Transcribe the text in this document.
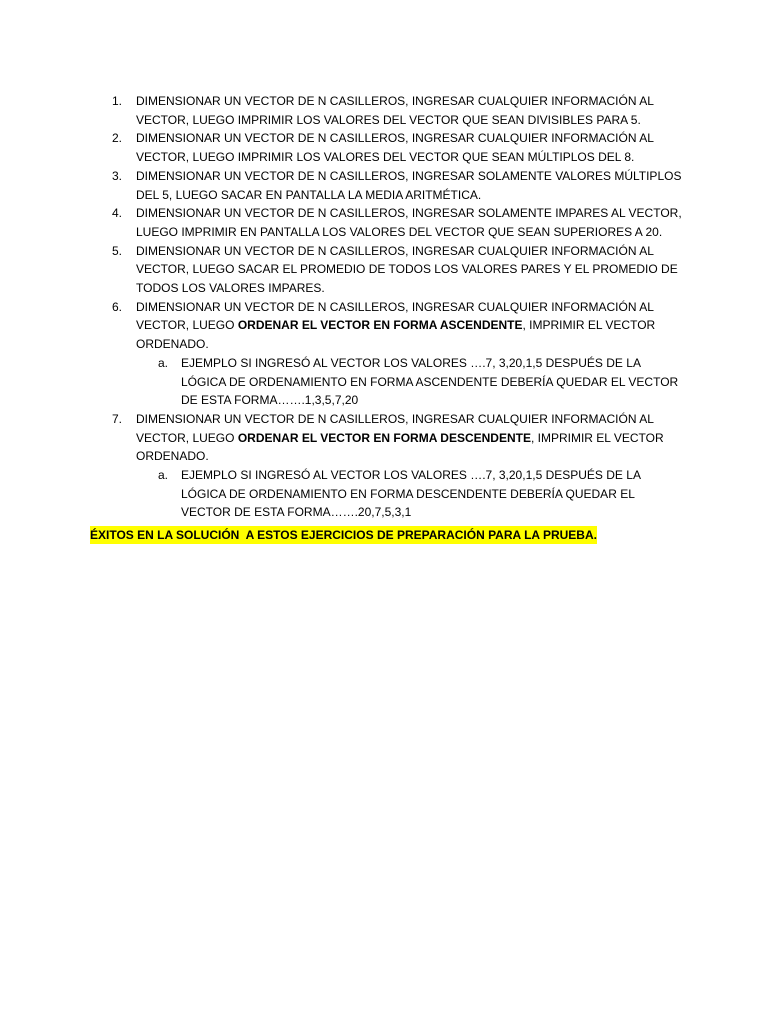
1.	DIMENSIONAR UN VECTOR DE N CASILLEROS, INGRESAR CUALQUIER INFORMACIÓN AL VECTOR, LUEGO IMPRIMIR LOS VALORES DEL VECTOR QUE SEAN DIVISIBLES PARA 5.
2.	DIMENSIONAR UN VECTOR DE N CASILLEROS, INGRESAR CUALQUIER INFORMACIÓN AL VECTOR, LUEGO IMPRIMIR LOS VALORES DEL VECTOR QUE SEAN MÚLTIPLOS DEL 8.
3.	DIMENSIONAR UN VECTOR DE N CASILLEROS, INGRESAR SOLAMENTE VALORES MÚLTIPLOS DEL 5, LUEGO SACAR EN PANTALLA LA MEDIA ARITMÉTICA.
4.	DIMENSIONAR UN VECTOR DE N CASILLEROS, INGRESAR SOLAMENTE IMPARES AL VECTOR, LUEGO IMPRIMIR EN PANTALLA LOS VALORES DEL VECTOR QUE SEAN SUPERIORES A 20.
5.	DIMENSIONAR UN VECTOR DE N CASILLEROS, INGRESAR CUALQUIER INFORMACIÓN AL VECTOR, LUEGO SACAR EL PROMEDIO DE TODOS LOS VALORES PARES Y EL PROMEDIO DE TODOS LOS VALORES IMPARES.
6.	DIMENSIONAR UN VECTOR DE N CASILLEROS, INGRESAR CUALQUIER INFORMACIÓN AL VECTOR, LUEGO ORDENAR EL VECTOR EN FORMA ASCENDENTE, IMPRIMIR EL VECTOR ORDENADO.
a. EJEMPLO SI INGRESÓ AL VECTOR LOS VALORES ….7, 3,20,1,5 DESPUÉS DE LA LÓGICA DE ORDENAMIENTO EN FORMA ASCENDENTE DEBERÍA QUEDAR EL VECTOR DE ESTA FORMA…….1,3,5,7,20
7.	DIMENSIONAR UN VECTOR DE N CASILLEROS, INGRESAR CUALQUIER INFORMACIÓN AL VECTOR, LUEGO ORDENAR EL VECTOR EN FORMA DESCENDENTE, IMPRIMIR EL VECTOR ORDENADO.
a. EJEMPLO SI INGRESÓ AL VECTOR LOS VALORES ….7, 3,20,1,5 DESPUÉS DE LA LÓGICA DE ORDENAMIENTO EN FORMA DESCENDENTE DEBERÍA QUEDAR EL VECTOR DE ESTA FORMA…….20,7,5,3,1
ÉXITOS EN LA SOLUCIÓN  A ESTOS EJERCICIOS DE PREPARACIÓN PARA LA PRUEBA.
